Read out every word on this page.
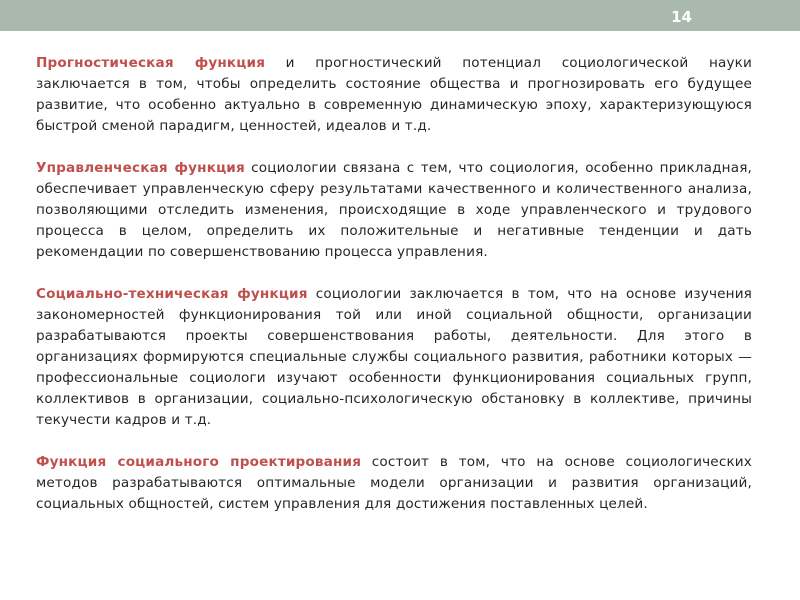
14

Прогностическая функция и прогностический потенциал социологической науки заключается в том, чтобы определить состояние общества и прогнозировать его будущее развитие, что особенно актуально в современную динамическую эпоху, характеризующуюся быстрой сменой парадигм, ценностей, идеалов и т.д.

Управленческая функция социологии связана с тем, что социология, особенно прикладная, обеспечивает управленческую сферу результатами качественного и количественного анализа, позволяющими отследить изменения, происходящие в ходе управленческого и трудового процесса в целом, определить их положительные и негативные тенденции и дать рекомендации по совершенствованию процесса управления.

Социально-техническая функция социологии заключается в том, что на основе изучения закономерностей функционирования той или иной социальной общности, организации разрабатываются проекты совершенствования работы, деятельности. Для этого в организациях формируются специальные службы социального развития, работники которых — профессиональные социологи изучают особенности функционирования социальных групп, коллективов в организации, социально-психологическую обстановку в коллективе, причины текучести кадров и т.д.

Функция социального проектирования состоит в том, что на основе социологических методов разрабатываются оптимальные модели организации и развития организаций, социальных общностей, систем управления для достижения поставленных целей.
